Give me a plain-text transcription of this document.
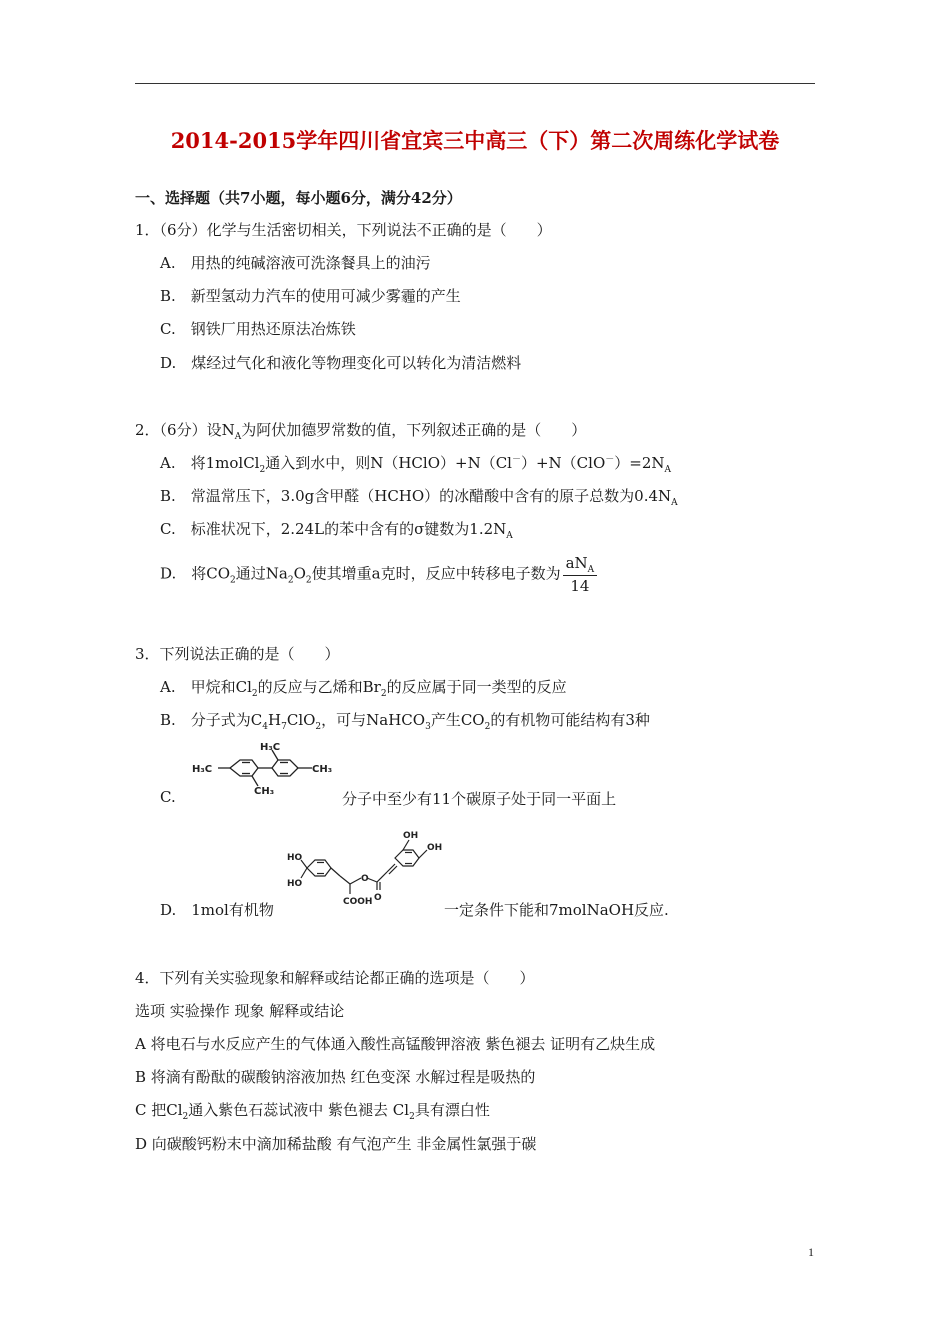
2014-2015学年四川省宜宾三中高三（下）第二次周练化学试卷
一、选择题（共7小题，每小题6分，满分42分）
1．（6分）化学与生活密切相关，下列说法不正确的是（　　）
A.　用热的纯碱溶液可洗涤餐具上的油污
B.　新型氢动力汽车的使用可减少雾霾的产生
C.　钢铁厂用热还原法冶炼铁
D.　煤经过气化和液化等物理变化可以转化为清洁燃料
2．（6分）设$N_A$为阿伏加德罗常数的值，下列叙述正确的是（　　）
A.　将1molCl$_2$通入到水中，则$N(HClO)+N(Cl^-)+N(ClO^-)=2N_A$
B.　常温常压下，3.0g含甲醛（HCHO）的冰醋酸中含有的原子总数为$0.4N_A$
C.　标准状况下，2.24L的苯中含有的σ键数为$1.2N_A$
D.　将$CO_2$通过$Na_2O_2$使其增重a克时，反应中转移电子数为 $\frac{aN_A}{14}$
3．下列说法正确的是（　　）
A.　甲烷和$Cl_2$的反应与乙烯和$Br_2$的反应属于同一类型的反应
B.　分子式为$C_4H_7ClO_2$，可与NaHCO$_3$产生$CO_2$的有机物可能结构有3种
H₃C
H₃C
CH₃
CH₃
C.	分子中至少有11个碳原子处于同一平面上
HO
HO
COOH
O
O
OH
OH
D.　1mol有机物	一定条件下能和7molNaOH反应.
4．下列有关实验现象和解释或结论都正确的选项是（　　）
选项 实验操作 现象 解释或结论
A 将电石与水反应产生的气体通入酸性高锰酸钾溶液 紫色褪去 证明有乙炔生成
B 将滴有酚酞的碳酸钠溶液加热 红色变深 水解过程是吸热的
C 把$Cl_2$通入紫色石蕊试液中 紫色褪去 $Cl_2$具有漂白性
D 向碳酸钙粉末中滴加稀盐酸 有气泡产生 非金属性氯强于碳
1
